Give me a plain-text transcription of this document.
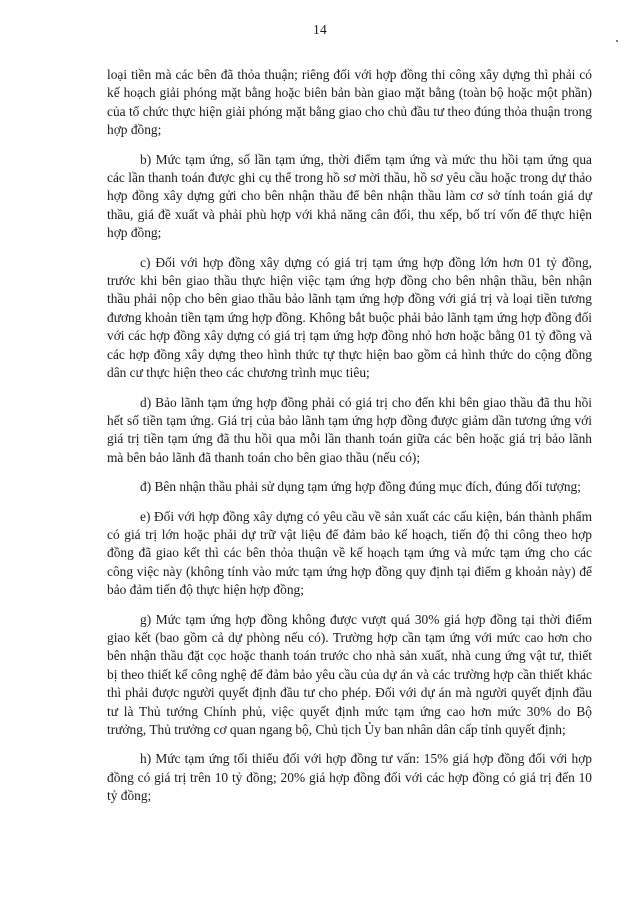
14

loại tiền mà các bên đã thỏa thuận; riêng đối với hợp đồng thi công xây dựng thì phải có kế hoạch giải phóng mặt bằng hoặc biên bản bàn giao mặt bằng (toàn bộ hoặc một phần) của tổ chức thực hiện giải phóng mặt bằng giao cho chủ đầu tư theo đúng thỏa thuận trong hợp đồng;

b) Mức tạm ứng, số lần tạm ứng, thời điểm tạm ứng và mức thu hồi tạm ứng qua các lần thanh toán được ghi cụ thể trong hồ sơ mời thầu, hồ sơ yêu cầu hoặc trong dự thảo hợp đồng xây dựng gửi cho bên nhận thầu để bên nhận thầu làm cơ sở tính toán giá dự thầu, giá đề xuất và phải phù hợp với khả năng cân đối, thu xếp, bố trí vốn để thực hiện hợp đồng;

c) Đối với hợp đồng xây dựng có giá trị tạm ứng hợp đồng lớn hơn 01 tỷ đồng, trước khi bên giao thầu thực hiện việc tạm ứng hợp đồng cho bên nhận thầu, bên nhận thầu phải nộp cho bên giao thầu bảo lãnh tạm ứng hợp đồng với giá trị và loại tiền tương đương khoản tiền tạm ứng hợp đồng. Không bắt buộc phải bảo lãnh tạm ứng hợp đồng đối với các hợp đồng xây dựng có giá trị tạm ứng hợp đồng nhỏ hơn hoặc bằng 01 tỷ đồng và các hợp đồng xây dựng theo hình thức tự thực hiện bao gồm cả hình thức do cộng đồng dân cư thực hiện theo các chương trình mục tiêu;

d) Bảo lãnh tạm ứng hợp đồng phải có giá trị cho đến khi bên giao thầu đã thu hồi hết số tiền tạm ứng. Giá trị của bảo lãnh tạm ứng hợp đồng được giảm dần tương ứng với giá trị tiền tạm ứng đã thu hồi qua mỗi lần thanh toán giữa các bên hoặc giá trị bảo lãnh mà bên bảo lãnh đã thanh toán cho bên giao thầu (nếu có);

đ) Bên nhận thầu phải sử dụng tạm ứng hợp đồng đúng mục đích, đúng đối tượng;

e) Đối với hợp đồng xây dựng có yêu cầu về sản xuất các cấu kiện, bán thành phẩm có giá trị lớn hoặc phải dự trữ vật liệu để đảm bảo kế hoạch, tiến độ thi công theo hợp đồng đã giao kết thì các bên thỏa thuận về kế hoạch tạm ứng và mức tạm ứng cho các công việc này (không tính vào mức tạm ứng hợp đồng quy định tại điểm g khoản này) để bảo đảm tiến độ thực hiện hợp đồng;

g) Mức tạm ứng hợp đồng không được vượt quá 30% giá hợp đồng tại thời điểm giao kết (bao gồm cả dự phòng nếu có). Trường hợp cần tạm ứng với mức cao hơn cho bên nhận thầu đặt cọc hoặc thanh toán trước cho nhà sản xuất, nhà cung ứng vật tư, thiết bị theo thiết kế công nghệ để đảm bảo yêu cầu của dự án và các trường hợp cần thiết khác thì phải được người quyết định đầu tư cho phép. Đối với dự án mà người quyết định đầu tư là Thủ tướng Chính phủ, việc quyết định mức tạm ứng cao hơn mức 30% do Bộ trưởng, Thủ trưởng cơ quan ngang bộ, Chủ tịch Ủy ban nhân dân cấp tỉnh quyết định;

h) Mức tạm ứng tối thiểu đối với hợp đồng tư vấn: 15% giá hợp đồng đối với hợp đồng có giá trị trên 10 tỷ đồng; 20% giá hợp đồng đối với các hợp đồng có giá trị đến 10 tỷ đồng;
